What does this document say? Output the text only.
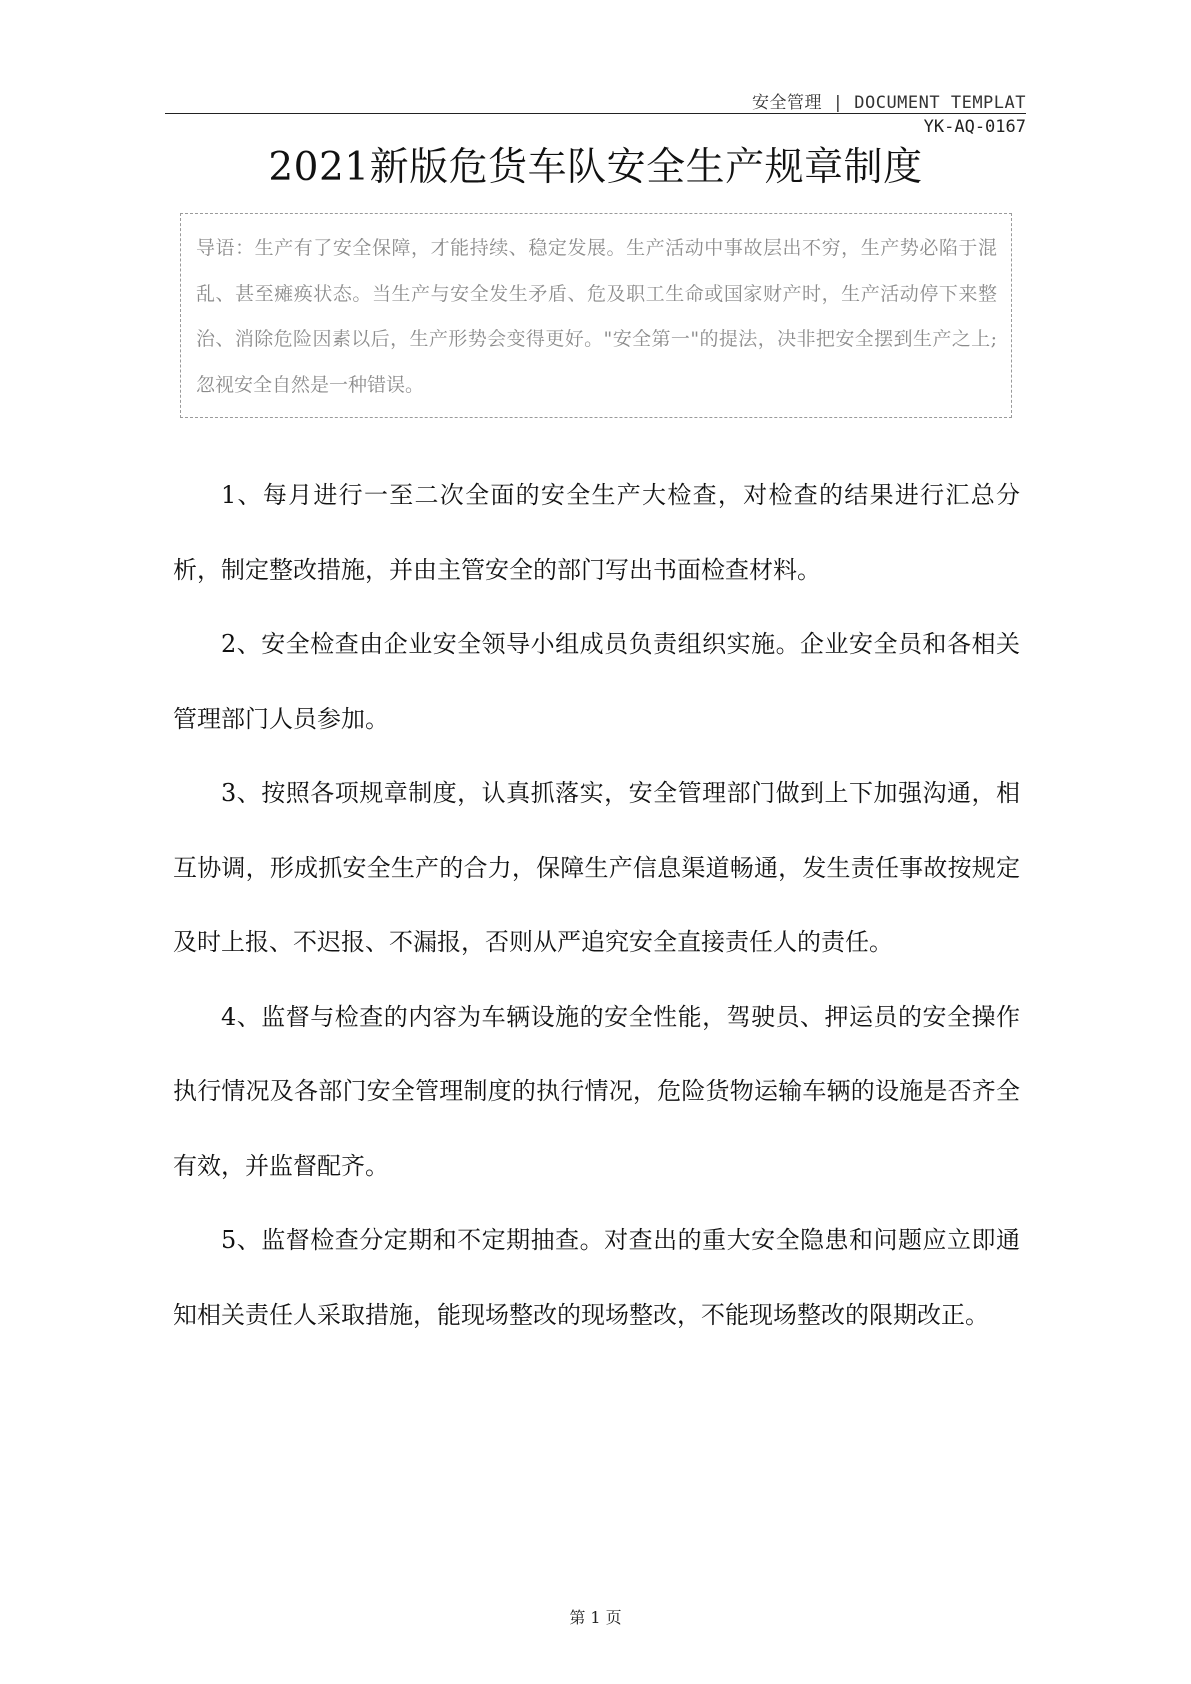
安全管理 | DOCUMENT TEMPLAT
YK-AQ-0167
2021新版危货车队安全生产规章制度

导语：生产有了安全保障，才能持续、稳定发展。生产活动中事故层出不穷，生产势必陷于混乱、甚至瘫痪状态。当生产与安全发生矛盾、危及职工生命或国家财产时，生产活动停下来整治、消除危险因素以后，生产形势会变得更好。"安全第一"的提法，决非把安全摆到生产之上;忽视安全自然是一种错误。

1、每月进行一至二次全面的安全生产大检查，对检查的结果进行汇总分析，制定整改措施，并由主管安全的部门写出书面检查材料。

2、安全检查由企业安全领导小组成员负责组织实施。企业安全员和各相关管理部门人员参加。

3、按照各项规章制度，认真抓落实，安全管理部门做到上下加强沟通，相互协调，形成抓安全生产的合力，保障生产信息渠道畅通，发生责任事故按规定及时上报、不迟报、不漏报，否则从严追究安全直接责任人的责任。

4、监督与检查的内容为车辆设施的安全性能，驾驶员、押运员的安全操作执行情况及各部门安全管理制度的执行情况，危险货物运输车辆的设施是否齐全有效，并监督配齐。

5、监督检查分定期和不定期抽查。对查出的重大安全隐患和问题应立即通知相关责任人采取措施，能现场整改的现场整改，不能现场整改的限期改正。

第 1 页
